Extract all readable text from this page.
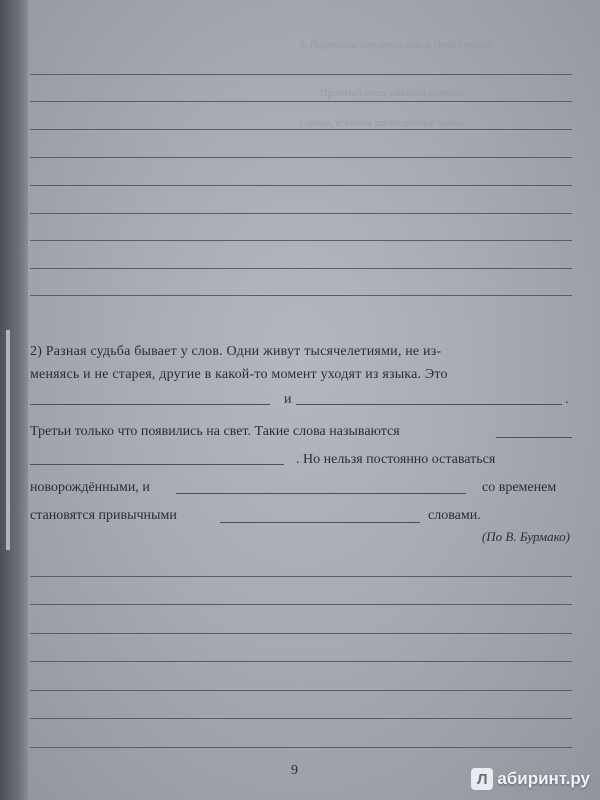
8. Подчеркни основную мысль (тему) текста
Прочитай текст, объясни значение
Спиши, вставляя пропущенные буквы
2) Разная судьба бывает у слов. Одни живут тысячелетиями, не из-
меняясь и не старея, другие в какой-то момент уходят из языка. Это
и	.
Третьи только что появились на свет. Такие слова называются
. Но нельзя постоянно оставаться
новорождёнными, и	со временем
становятся привычными	словами.
(По В. Бурмако)
9	Л абиринт.ру
